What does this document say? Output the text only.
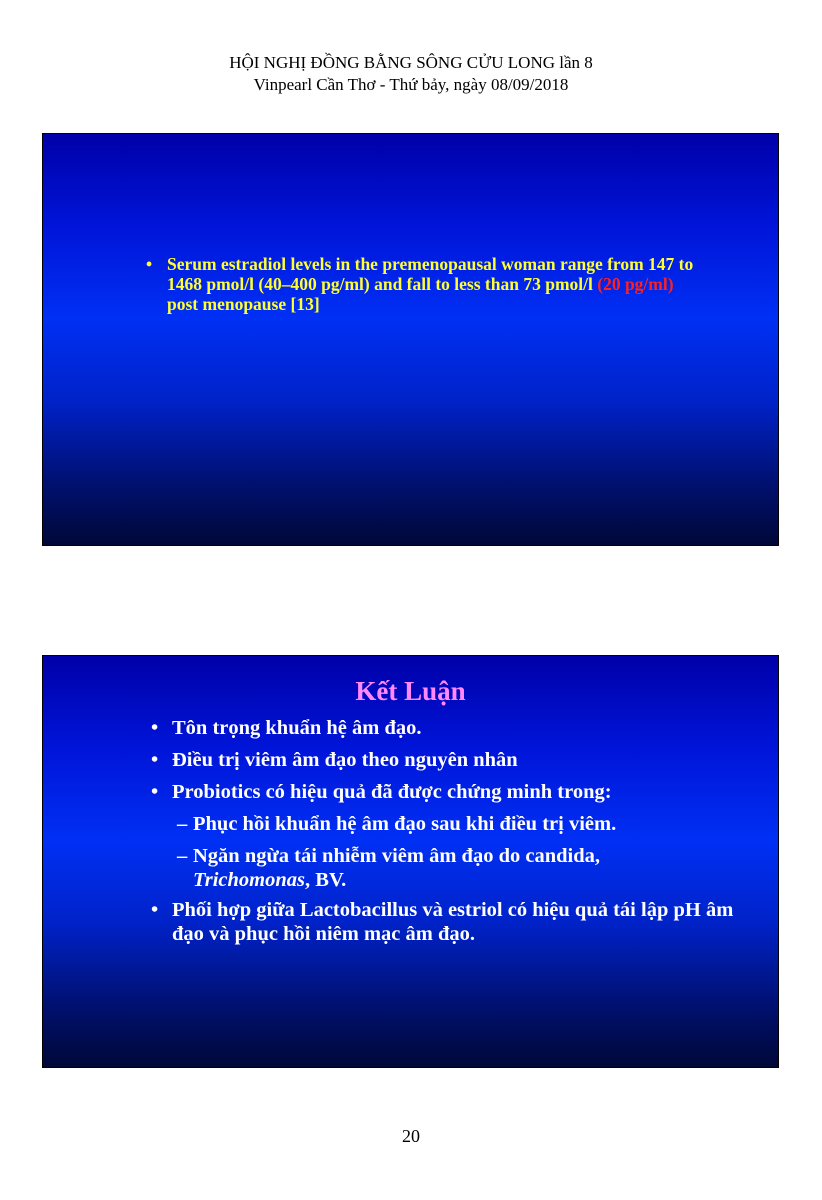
HỘI NGHỊ ĐỒNG BẰNG SÔNG CỬU LONG lần 8
Vinpearl Cần Thơ - Thứ bảy, ngày 08/09/2018
• Serum estradiol levels in the premenopausal woman range from 147 to 1468 pmol/l (40–400 pg/ml) and fall to less than 73 pmol/l (20 pg/ml) post menopause [13]
Kết Luận
• Tôn trọng khuẩn hệ âm đạo.
• Điều trị viêm âm đạo theo nguyên nhân
• Probiotics có hiệu quả đã được chứng minh trong:
– Phục hồi khuẩn hệ âm đạo sau khi điều trị viêm.
– Ngăn ngừa tái nhiễm viêm âm đạo do candida,
Trichomonas, BV.
• Phối hợp giữa Lactobacillus và estriol có hiệu quả tái lập pH âm đạo và phục hồi niêm mạc âm đạo.
20
